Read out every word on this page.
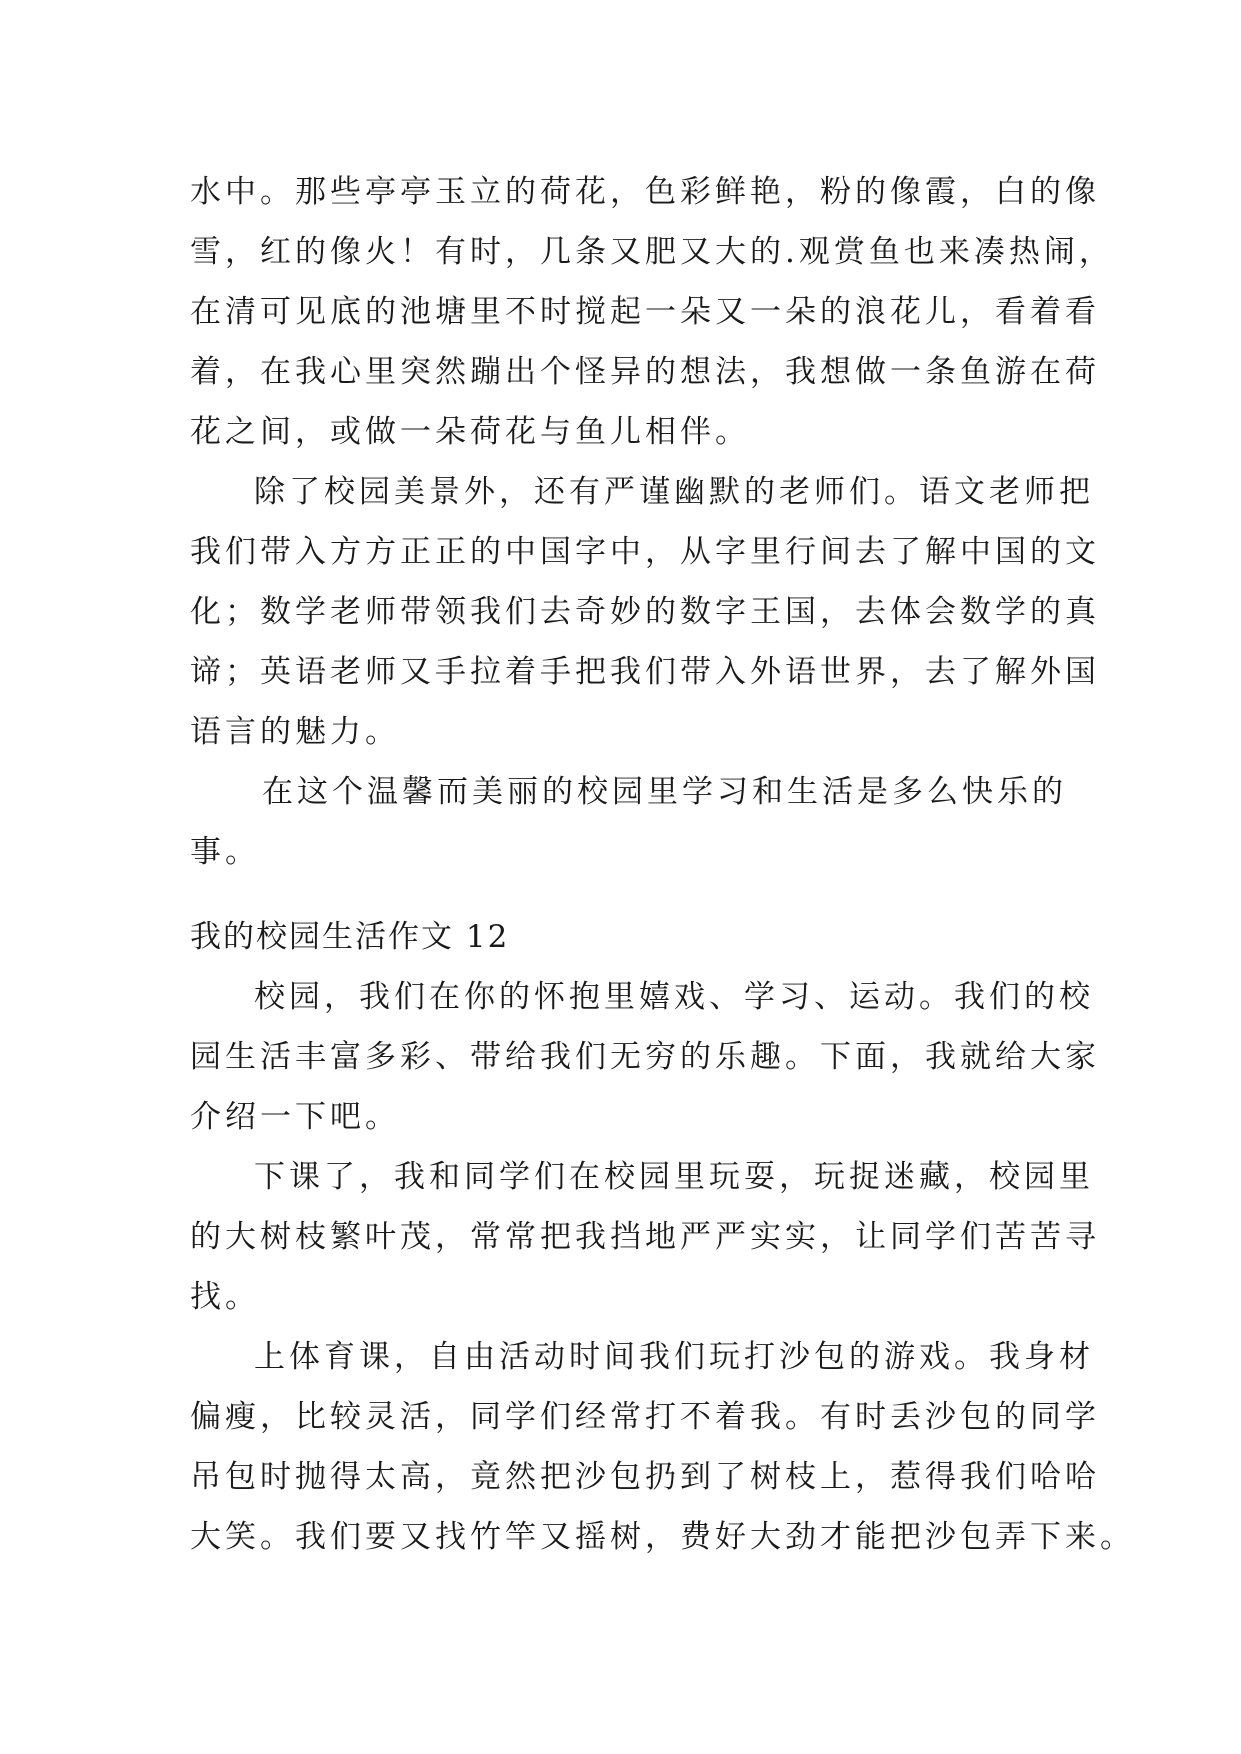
水中。那些亭亭玉立的荷花，色彩鲜艳，粉的像霞，白的像
雪，红的像火！有时，几条又肥又大的.观赏鱼也来凑热闹，
在清可见底的池塘里不时搅起一朵又一朵的浪花儿，看着看
着，在我心里突然蹦出个怪异的想法，我想做一条鱼游在荷
花之间，或做一朵荷花与鱼儿相伴。
除了校园美景外，还有严谨幽默的老师们。语文老师把
我们带入方方正正的中国字中，从字里行间去了解中国的文
化；数学老师带领我们去奇妙的数字王国，去体会数学的真
谛；英语老师又手拉着手把我们带入外语世界，去了解外国
语言的魅力。
在这个温馨而美丽的校园里学习和生活是多么快乐的
事。
我的校园生活作文 12
校园，我们在你的怀抱里嬉戏、学习、运动。我们的校
园生活丰富多彩、带给我们无穷的乐趣。下面，我就给大家
介绍一下吧。
下课了，我和同学们在校园里玩耍，玩捉迷藏，校园里
的大树枝繁叶茂，常常把我挡地严严实实，让同学们苦苦寻
找。
上体育课，自由活动时间我们玩打沙包的游戏。我身材
偏瘦，比较灵活，同学们经常打不着我。有时丢沙包的同学
吊包时抛得太高，竟然把沙包扔到了树枝上，惹得我们哈哈
大笑。我们要又找竹竿又摇树，费好大劲才能把沙包弄下来。
